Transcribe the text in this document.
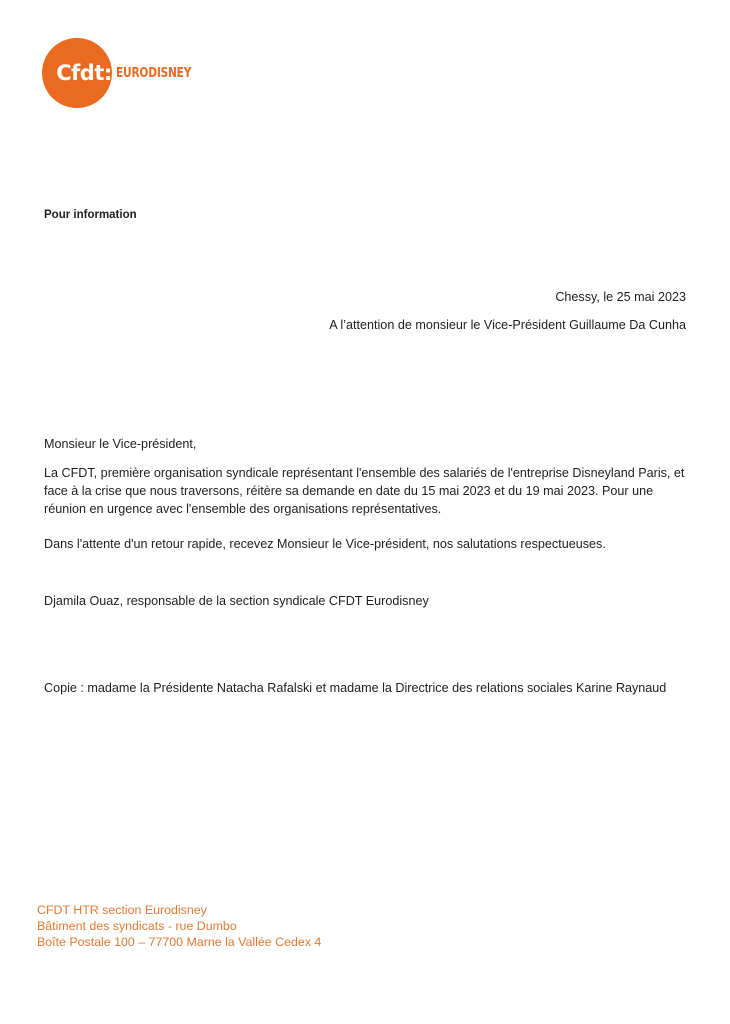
Cfdt: EURODISNEY
Pour information
Chessy, le 25 mai 2023
A l’attention de monsieur le Vice-Président Guillaume Da Cunha
Monsieur le Vice-président,
La CFDT, première organisation syndicale représentant l'ensemble des salariés de l'entreprise Disneyland Paris, et face à la crise que nous traversons, réitère sa demande en date du 15 mai 2023 et du 19 mai 2023. Pour une réunion en urgence avec l'ensemble des organisations représentatives.
Dans l'attente d'un retour rapide, recevez Monsieur le Vice-président, nos salutations respectueuses.
Djamila Ouaz, responsable de la section syndicale CFDT Eurodisney
Copie : madame la Présidente Natacha Rafalski et madame la Directrice des relations sociales Karine Raynaud
CFDT HTR section Eurodisney
Bâtiment des syndicats - rue Dumbo
Boîte Postale 100 – 77700 Marne la Vallée Cedex 4
